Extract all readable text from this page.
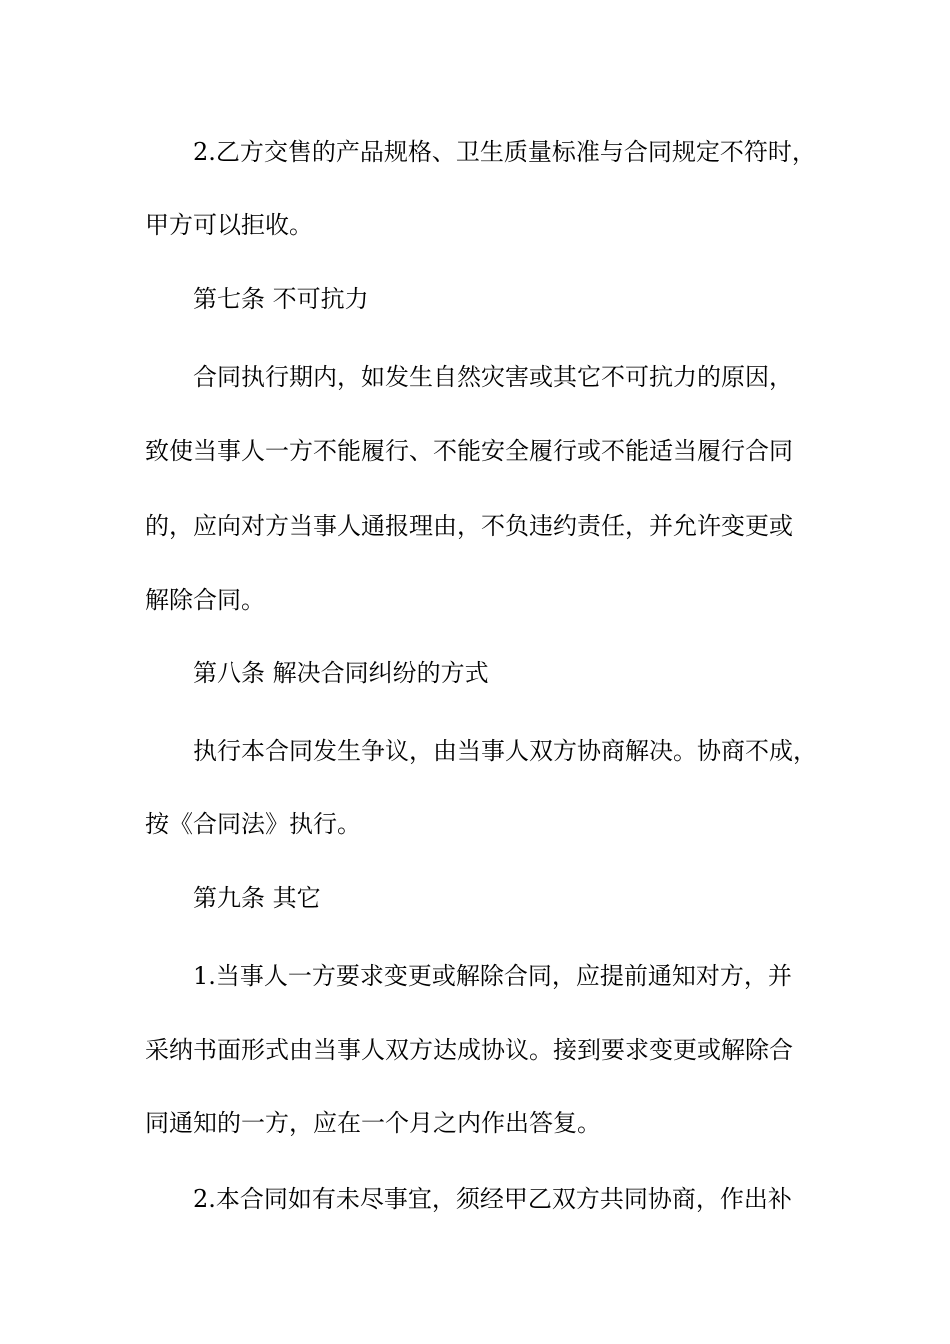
2.乙方交售的产品规格、卫生质量标准与合同规定不符时，
甲方可以拒收。
第七条 不可抗力
合同执行期内，如发生自然灾害或其它不可抗力的原因，
致使当事人一方不能履行、不能安全履行或不能适当履行合同
的，应向对方当事人通报理由，不负违约责任，并允许变更或
解除合同。
第八条 解决合同纠纷的方式
执行本合同发生争议，由当事人双方协商解决。协商不成，
按《合同法》执行。
第九条 其它
1.当事人一方要求变更或解除合同，应提前通知对方，并
采纳书面形式由当事人双方达成协议。接到要求变更或解除合
同通知的一方，应在一个月之内作出答复。
2.本合同如有未尽事宜，须经甲乙双方共同协商，作出补
